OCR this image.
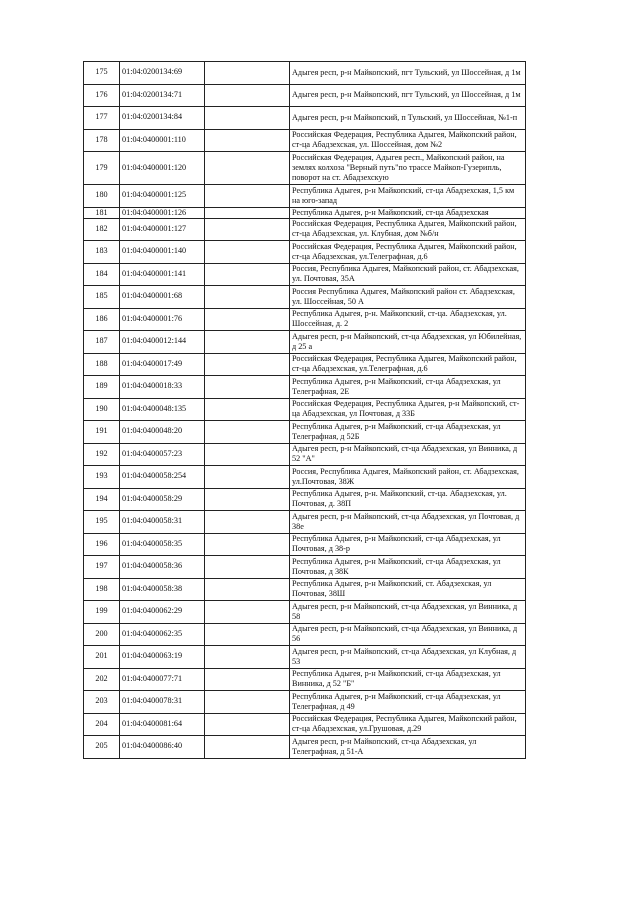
175	01:04:0200134:69		Адыгея респ, р-н Майкопский, пгт Тульский, ул Шоссейная, д 1м
176	01:04:0200134:71		Адыгея респ, р-н Майкопский, пгт Тульский, ул Шоссейная, д 1м
177	01:04:0200134:84		Адыгея респ, р-н Майкопский, п Тульский, ул Шоссейная, №1-п
178	01:04:0400001:110		Российская Федерация, Республика Адыгея, Майкопский район, ст-ца Абадзехская, ул. Шоссейная, дом №2
179	01:04:0400001:120		Российская Федерация, Адыгея респ., Майкопский район, на землях колхоза "Верный путь"по трассе Майкоп-Гузерипль, поворот на ст. Абадзехскую
180	01:04:0400001:125		Республика Адыгея, р-н Майкопский, ст-ца Абадзехская, 1,5 км на юго-запад
181	01:04:0400001:126		Республика Адыгея, р-н Майкопский, ст-ца Абадзехская
182	01:04:0400001:127		Российская Федерация, Республика Адыгея, Майкопский район, ст-ца Абадзехская, ул. Клубная, дом №б/н
183	01:04:0400001:140		Российская Федерация, Республика Адыгея, Майкопский район, ст-ца Абадзехская, ул.Телеграфная, д.6
184	01:04:0400001:141		Россия, Республика Адыгея, Майкопский район, ст. Абадзехская, ул. Почтовая, 35А
185	01:04:0400001:68		Россия Республика Адыгея, Майкопский район ст. Абадзехская, ул. Шоссейная, 50 А
186	01:04:0400001:76		Республика Адыгея, р-н. Майкопский, ст-ца. Абадзехская, ул. Шоссейная, д. 2
187	01:04:0400012:144		Адыгея респ, р-н Майкопский, ст-ца Абадзехская, ул Юбилейная, д 25 а
188	01:04:0400017:49		Российская Федерация, Республика Адыгея, Майкопский район, ст-ца Абадзехская, ул.Телеграфная, д.6
189	01:04:0400018:33		Республика Адыгея, р-н Майкопский, ст-ца Абадзехская, ул Телеграфная, 2Е
190	01:04:0400048:135		Российская Федерация, Республика Адыгея, р-н Майкопский, ст-ца Абадзехская, ул Почтовая, д 33Б
191	01:04:0400048:20		Республика Адыгея, р-н Майкопский, ст-ца Абадзехская, ул Телеграфная, д 52Б
192	01:04:0400057:23		Адыгея респ, р-н Майкопский, ст-ца Абадзехская, ул Винника, д 52 "А"
193	01:04:0400058:254		Россия, Республика Адыгея, Майкопский район, ст. Абадзехская, ул.Почтовая, 38Ж
194	01:04:0400058:29		Республика Адыгея, р-н. Майкопский, ст-ца. Абадзехская, ул. Почтовая, д. 38П
195	01:04:0400058:31		Адыгея респ, р-н Майкопский, ст-ца Абадзехская, ул Почтовая, д 38е
196	01:04:0400058:35		Республика Адыгея, р-н Майкопский, ст-ца Абадзехская, ул Почтовая, д 38-р
197	01:04:0400058:36		Республика Адыгея, р-н Майкопский, ст-ца Абадзехская, ул Почтовая, д 38К
198	01:04:0400058:38		Республика Адыгея, р-н Майкопский, ст. Абадзехская, ул Почтовая, 38Ш
199	01:04:0400062:29		Адыгея респ, р-н Майкопский, ст-ца Абадзехская, ул Винника, д 58
200	01:04:0400062:35		Адыгея респ, р-н Майкопский, ст-ца Абадзехская, ул Винника, д 56
201	01:04:0400063:19		Адыгея респ, р-н Майкопский, ст-ца Абадзехская, ул Клубная, д 53
202	01:04:0400077:71		Республика Адыгея, р-н Майкопский, ст-ца Абадзехская, ул Винника, д 52 "Б"
203	01:04:0400078:31		Республика Адыгея, р-н Майкопский, ст-ца Абадзехская, ул Телеграфная, д 49
204	01:04:0400081:64		Российская Федерация, Республика Адыгея, Майкопский район, ст-ца Абадзехская, ул.Грушовая, д.29
205	01:04:0400086:40		Адыгея респ, р-н Майкопский, ст-ца Абадзехская, ул Телеграфная, д 51-А
